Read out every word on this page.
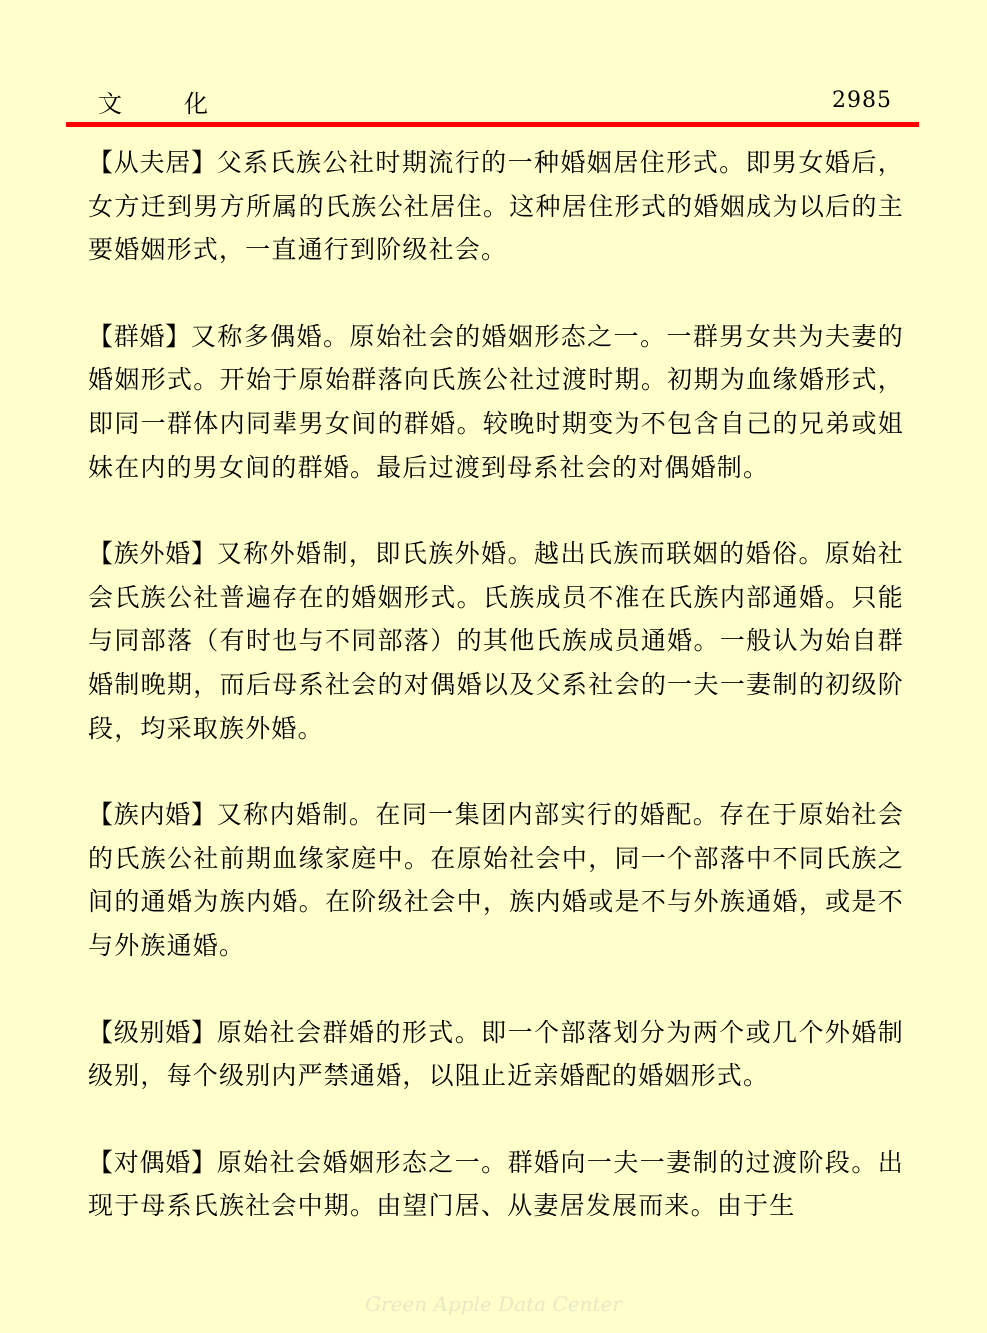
文化	2985

【从夫居】父系氏族公社时期流行的一种婚姻居住形式。即男女婚后，女方迁到男方所属的氏族公社居住。这种居住形式的婚姻成为以后的主要婚姻形式，一直通行到阶级社会。

【群婚】又称多偶婚。原始社会的婚姻形态之一。一群男女共为夫妻的婚姻形式。开始于原始群落向氏族公社过渡时期。初期为血缘婚形式，即同一群体内同辈男女间的群婚。较晚时期变为不包含自己的兄弟或姐妹在内的男女间的群婚。最后过渡到母系社会的对偶婚制。

【族外婚】又称外婚制，即氏族外婚。越出氏族而联姻的婚俗。原始社会氏族公社普遍存在的婚姻形式。氏族成员不准在氏族内部通婚。只能与同部落（有时也与不同部落）的其他氏族成员通婚。一般认为始自群婚制晚期，而后母系社会的对偶婚以及父系社会的一夫一妻制的初级阶段，均采取族外婚。

【族内婚】又称内婚制。在同一集团内部实行的婚配。存在于原始社会的氏族公社前期血缘家庭中。在原始社会中，同一个部落中不同氏族之间的通婚为族内婚。在阶级社会中，族内婚或是不与外族通婚，或是不与外族通婚。

【级别婚】原始社会群婚的形式。即一个部落划分为两个或几个外婚制级别，每个级别内严禁通婚，以阻止近亲婚配的婚姻形式。

【对偶婚】原始社会婚姻形态之一。群婚向一夫一妻制的过渡阶段。出现于母系氏族社会中期。由望门居、从妻居发展而来。由于生

Green Apple Data Center
